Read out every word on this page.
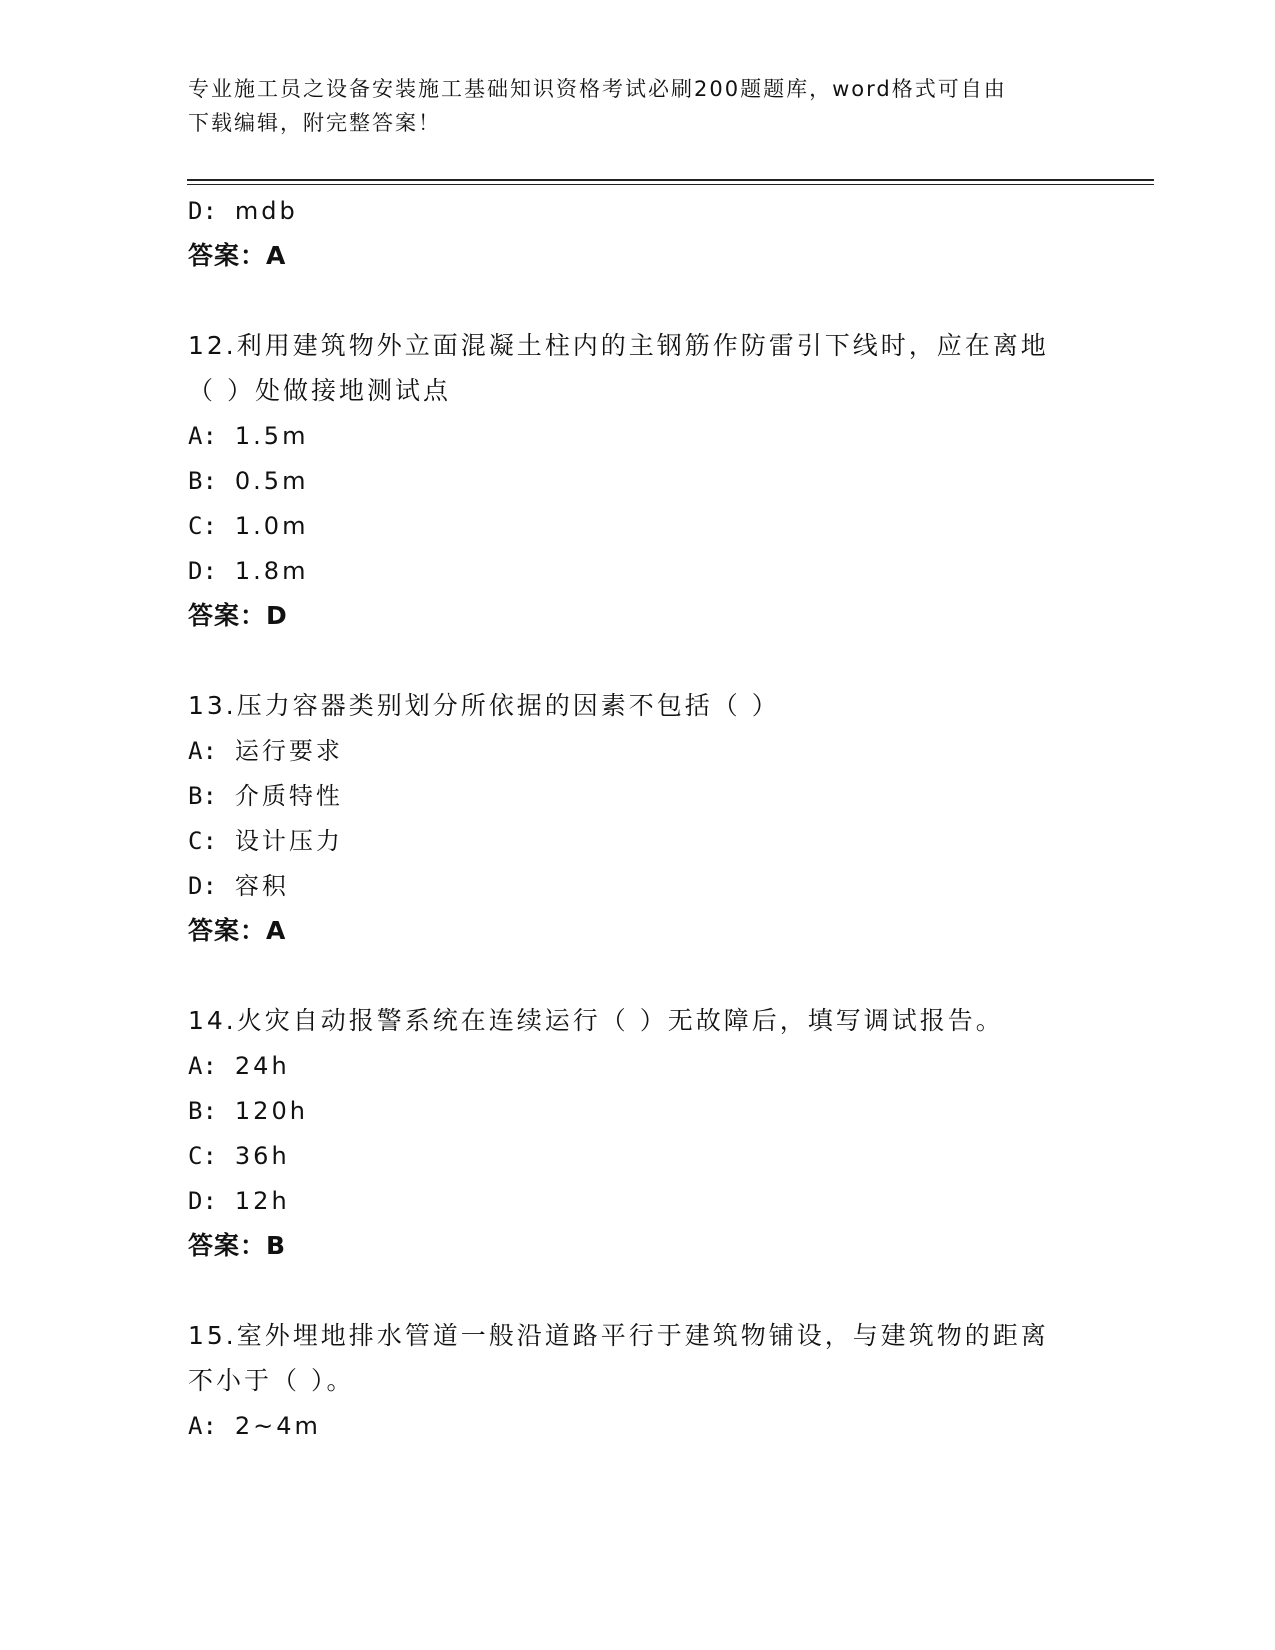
专业施工员之设备安装施工基础知识资格考试必刷200题题库，word格式可自由
下载编辑，附完整答案！
D: mdb
答案：A
12.利用建筑物外立面混凝土柱内的主钢筋作防雷引下线时，应在离地
（ ）处做接地测试点
A: 1.5m
B: 0.5m
C: 1.0m
D: 1.8m
答案：D
13.压力容器类别划分所依据的因素不包括（ ）
A: 运行要求
B: 介质特性
C: 设计压力
D: 容积
答案：A
14.火灾自动报警系统在连续运行（ ）无故障后，填写调试报告。
A: 24h
B: 120h
C: 36h
D: 12h
答案：B
15.室外埋地排水管道一般沿道路平行于建筑物铺设，与建筑物的距离
不小于（ ）。
A: 2~4m
